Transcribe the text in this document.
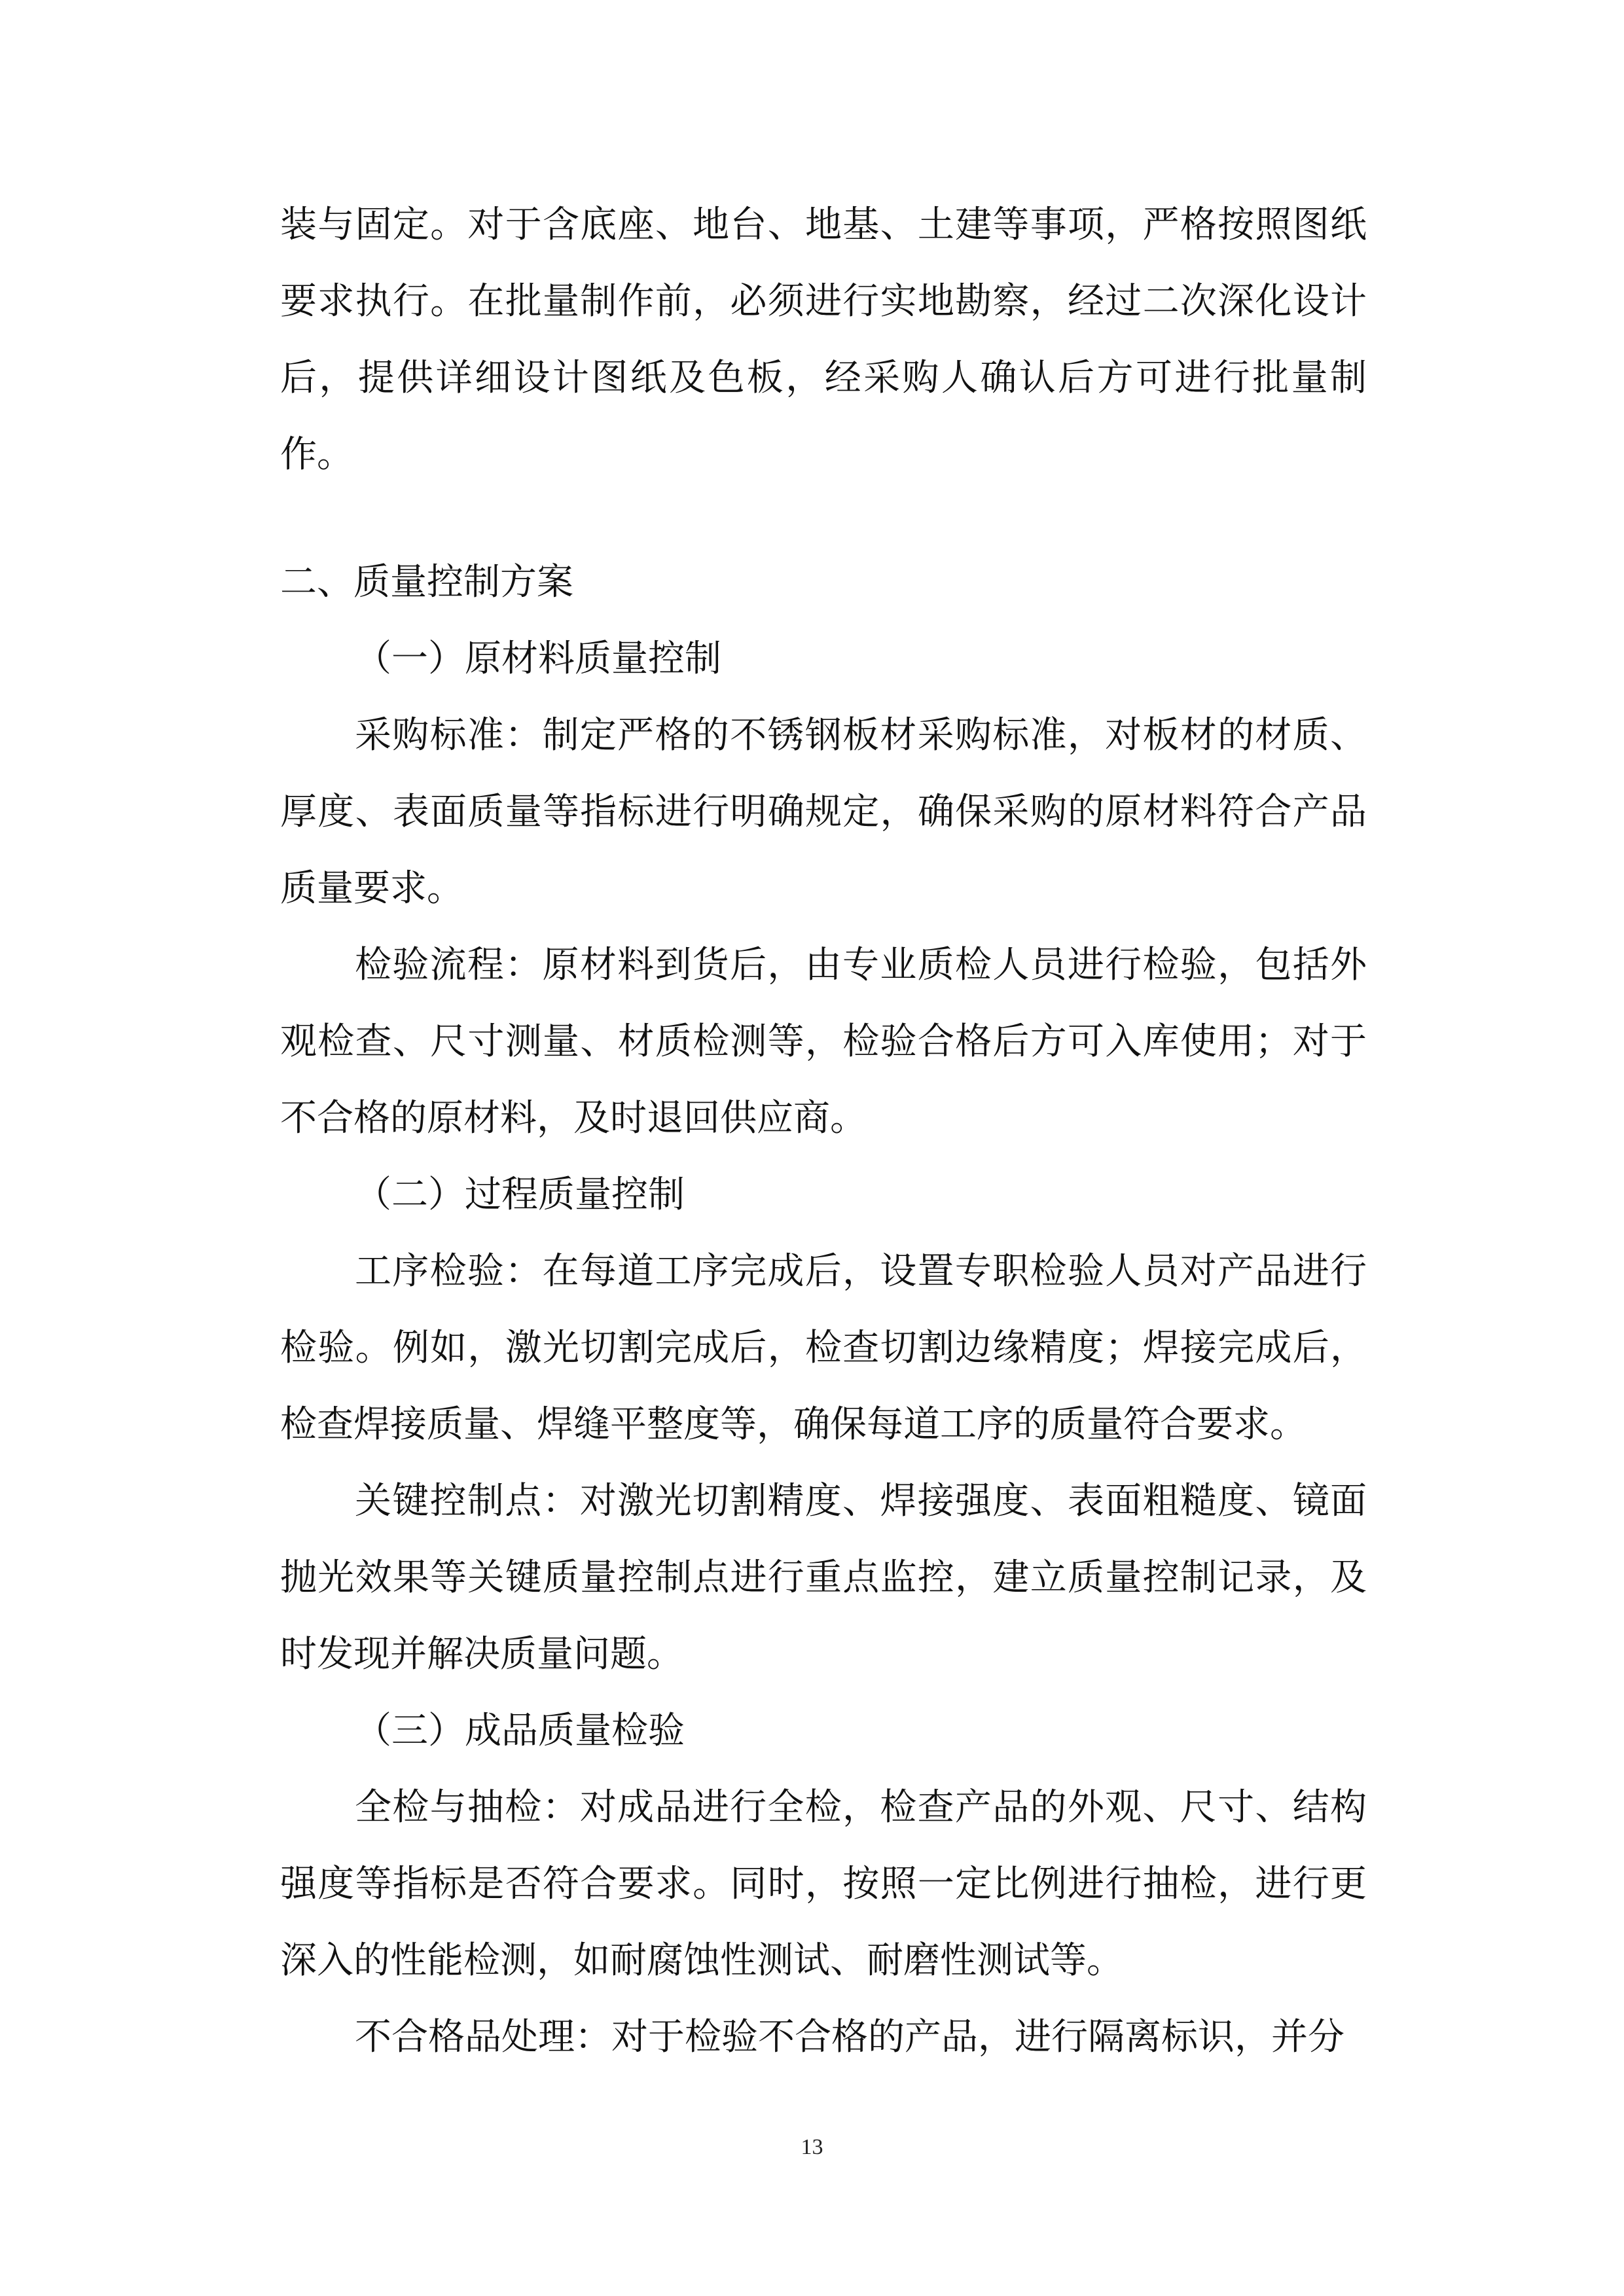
装与固定。对于含底座、地台、地基、土建等事项，严格按照图纸要求执行。在批量制作前，必须进行实地勘察，经过二次深化设计后，提供详细设计图纸及色板，经采购人确认后方可进行批量制作。

二、质量控制方案

（一）原材料质量控制

采购标准：制定严格的不锈钢板材采购标准，对板材的材质、厚度、表面质量等指标进行明确规定，确保采购的原材料符合产品质量要求。

检验流程：原材料到货后，由专业质检人员进行检验，包括外观检查、尺寸测量、材质检测等，检验合格后方可入库使用；对于不合格的原材料，及时退回供应商。

（二）过程质量控制

工序检验：在每道工序完成后，设置专职检验人员对产品进行检验。例如，激光切割完成后，检查切割边缘精度；焊接完成后，检查焊接质量、焊缝平整度等，确保每道工序的质量符合要求。

关键控制点：对激光切割精度、焊接强度、表面粗糙度、镜面抛光效果等关键质量控制点进行重点监控，建立质量控制记录，及时发现并解决质量问题。

（三）成品质量检验

全检与抽检：对成品进行全检，检查产品的外观、尺寸、结构强度等指标是否符合要求。同时，按照一定比例进行抽检，进行更深入的性能检测，如耐腐蚀性测试、耐磨性测试等。

不合格品处理：对于检验不合格的产品，进行隔离标识，并分

13
